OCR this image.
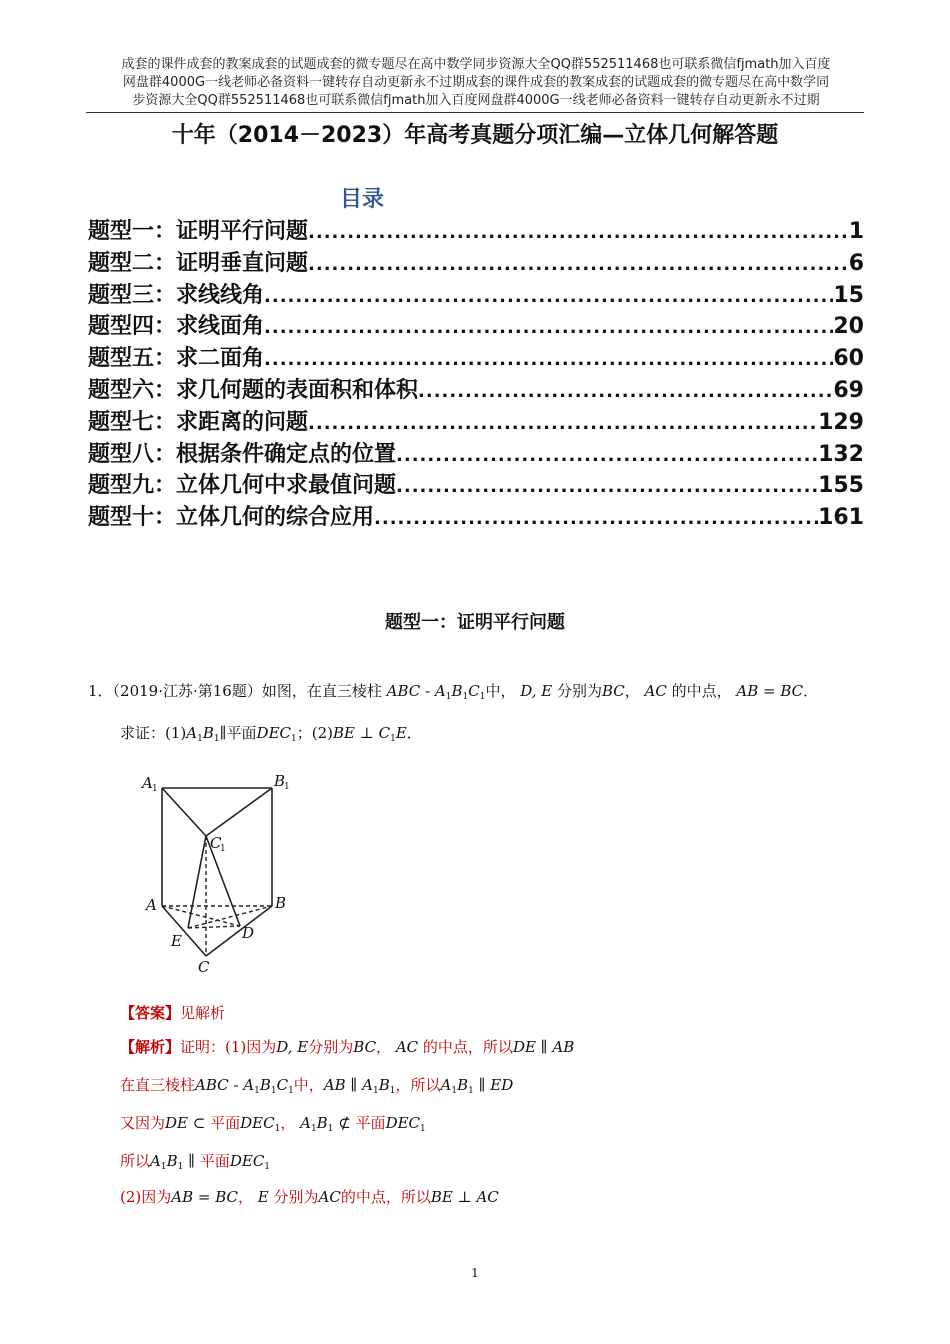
成套的课件成套的教案成套的试题成套的微专题尽在高中数学同步资源大全QQ群552511468也可联系微信fjmath加入百度
网盘群4000G一线老师必备资料一键转存自动更新永不过期成套的课件成套的教案成套的试题成套的微专题尽在高中数学同
步资源大全QQ群552511468也可联系微信fjmath加入百度网盘群4000G一线老师必备资料一键转存自动更新永不过期
十年（2014－2023）年高考真题分项汇编—立体几何解答题
目录
题型一：证明平行问题 .....	1
题型二：证明垂直问题 .....	6
题型三：求线线角 .....	15
题型四：求线面角 .....	20
题型五：求二面角 .....	60
题型六：求几何题的表面积和体积 .....	69
题型七：求距离的问题 .....	129
题型八：根据条件确定点的位置 .....	132
题型九：立体几何中求最值问题 .....	155
题型十：立体几何的综合应用 .....	161
题型一：证明平行问题
1．（2019·江苏·第16题）如图，在直三棱柱 ABC - $A_1B_1C_1$中， D, E 分别为BC， AC 的中点， AB = BC．
求证：$(1)A_1B_1\parallel$平面$DEC_1$；(2)BE ⊥ $C_1E$．
A 1	B
1
C
1
A	B
E	D
C
【答案】见解析
【解析】证明：(1)因为D, E分别为BC， AC 的中点，所以DE ∥ AB
在直三棱柱ABC - $A_1B_1C_1$中，AB ∥ $A_1B_1$，所以$A_1B_1$ ∥ ED
又因为DE ⊂ 平面$DEC_1$， $A_1B_1$ ⊄ 平面$DEC_1$
所以$A_1B_1$ ∥ 平面$DEC_1$
(2)因为AB = BC， E 分别为AC的中点，所以BE ⊥ AC
1
